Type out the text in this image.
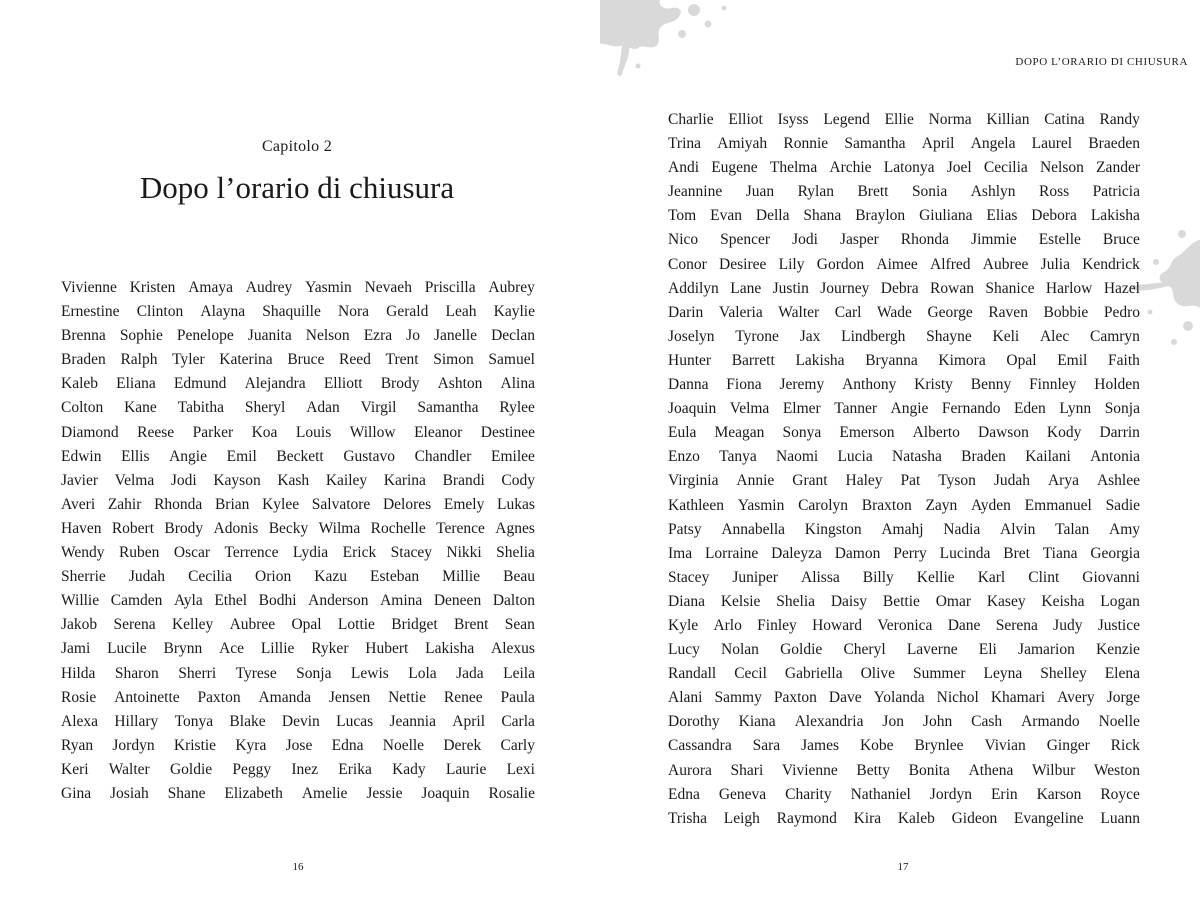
Capitolo 2
Dopo l’orario di chiusura
Vivienne Kristen Amaya Audrey Yasmin Nevaeh Priscilla Aubrey
Ernestine Clinton Alayna Shaquille Nora Gerald Leah Kaylie
Brenna Sophie Penelope Juanita Nelson Ezra Jo Janelle Declan
Braden Ralph Tyler Katerina Bruce Reed Trent Simon Samuel
Kaleb Eliana Edmund Alejandra Elliott Brody Ashton Alina
Colton Kane Tabitha Sheryl Adan Virgil Samantha Rylee
Diamond Reese Parker Koa Louis Willow Eleanor Destinee
Edwin Ellis Angie Emil Beckett Gustavo Chandler Emilee
Javier Velma Jodi Kayson Kash Kailey Karina Brandi Cody
Averi Zahir Rhonda Brian Kylee Salvatore Delores Emely Lukas
Haven Robert Brody Adonis Becky Wilma Rochelle Terence Agnes
Wendy Ruben Oscar Terrence Lydia Erick Stacey Nikki Shelia
Sherrie Judah Cecilia Orion Kazu Esteban Millie Beau
Willie Camden Ayla Ethel Bodhi Anderson Amina Deneen Dalton
Jakob Serena Kelley Aubree Opal Lottie Bridget Brent Sean
Jami Lucile Brynn Ace Lillie Ryker Hubert Lakisha Alexus
Hilda Sharon Sherri Tyrese Sonja Lewis Lola Jada Leila
Rosie Antoinette Paxton Amanda Jensen Nettie Renee Paula
Alexa Hillary Tonya Blake Devin Lucas Jeannia April Carla
Ryan Jordyn Kristie Kyra Jose Edna Noelle Derek Carly
Keri Walter Goldie Peggy Inez Erika Kady Laurie Lexi
Gina Josiah Shane Elizabeth Amelie Jessie Joaquin Rosalie
16
DOPO L’ORARIO DI CHIUSURA
Charlie Elliot Isyss Legend Ellie Norma Killian Catina Randy
Trina Amiyah Ronnie Samantha April Angela Laurel Braeden
Andi Eugene Thelma Archie Latonya Joel Cecilia Nelson Zander
Jeannine Juan Rylan Brett Sonia Ashlyn Ross Patricia
Tom Evan Della Shana Braylon Giuliana Elias Debora Lakisha
Nico Spencer Jodi Jasper Rhonda Jimmie Estelle Bruce
Conor Desiree Lily Gordon Aimee Alfred Aubree Julia Kendrick
Addilyn Lane Justin Journey Debra Rowan Shanice Harlow Hazel
Darin Valeria Walter Carl Wade George Raven Bobbie Pedro
Joselyn Tyrone Jax Lindbergh Shayne Keli Alec Camryn
Hunter Barrett Lakisha Bryanna Kimora Opal Emil Faith
Danna Fiona Jeremy Anthony Kristy Benny Finnley Holden
Joaquin Velma Elmer Tanner Angie Fernando Eden Lynn Sonja
Eula Meagan Sonya Emerson Alberto Dawson Kody Darrin
Enzo Tanya Naomi Lucia Natasha Braden Kailani Antonia
Virginia Annie Grant Haley Pat Tyson Judah Arya Ashlee
Kathleen Yasmin Carolyn Braxton Zayn Ayden Emmanuel Sadie
Patsy Annabella Kingston Amahj Nadia Alvin Talan Amy
Ima Lorraine Daleyza Damon Perry Lucinda Bret Tiana Georgia
Stacey Juniper Alissa Billy Kellie Karl Clint Giovanni
Diana Kelsie Shelia Daisy Bettie Omar Kasey Keisha Logan
Kyle Arlo Finley Howard Veronica Dane Serena Judy Justice
Lucy Nolan Goldie Cheryl Laverne Eli Jamarion Kenzie
Randall Cecil Gabriella Olive Summer Leyna Shelley Elena
Alani Sammy Paxton Dave Yolanda Nichol Khamari Avery Jorge
Dorothy Kiana Alexandria Jon John Cash Armando Noelle
Cassandra Sara James Kobe Brynlee Vivian Ginger Rick
Aurora Shari Vivienne Betty Bonita Athena Wilbur Weston
Edna Geneva Charity Nathaniel Jordyn Erin Karson Royce
Trisha Leigh Raymond Kira Kaleb Gideon Evangeline Luann
17
